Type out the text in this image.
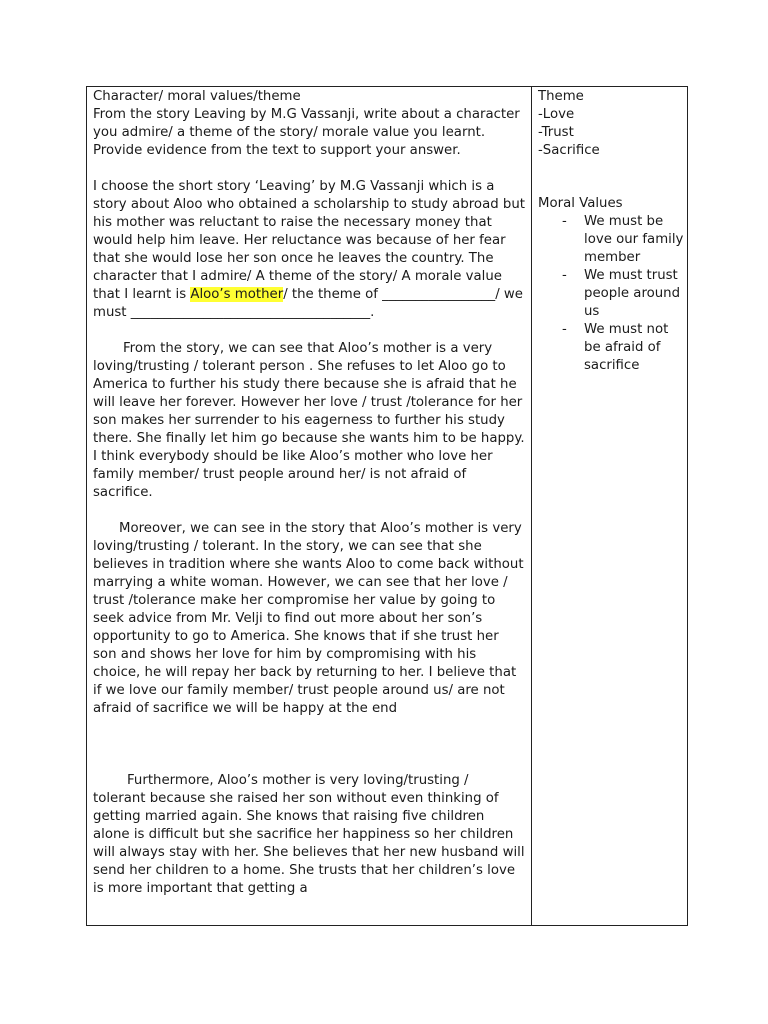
Character/ moral values/theme

From the story Leaving by M.G Vassanji, write about a character you admire/ a theme of the story/ morale value you learnt. Provide evidence from the text to support your answer.

I choose the short story ‘Leaving’ by M.G Vassanji which is a story about Aloo who obtained a scholarship to study abroad but his mother was reluctant to raise the necessary money that would help him leave. Her reluctance was because of her fear that she would lose her son once he leaves the country. The character that I admire/ A theme of the story/ A morale value that I learnt is Aloo’s mother/ the theme of _________________/ we must ____________________________________.

From the story, we can see that Aloo’s mother is a very loving/trusting / tolerant person . She refuses to let Aloo go to America to further his study there because she is afraid that he will leave her forever. However her love / trust /tolerance for her son makes her surrender to his eagerness to further his study there. She finally let him go because she wants him to be happy. I think everybody should be like Aloo’s mother who love her family member/ trust people around her/ is not afraid of sacrifice.

Moreover, we can see in the story that Aloo’s mother is very loving/trusting / tolerant. In the story, we can see that she believes in tradition where she wants Aloo to come back without marrying a white woman. However, we can see that her love / trust /tolerance make her compromise her value by going to seek advice from Mr. Velji to find out more about her son’s opportunity to go to America. She knows that if she trust her son and shows her love for him by compromising with his choice, he will repay her back by returning to her. I believe that if we love our family member/ trust people around us/ are not afraid of sacrifice we will be happy at the end

Furthermore, Aloo’s mother is very loving/trusting / tolerant because she raised her son without even thinking of getting married again. She knows that raising five children alone is difficult but she sacrifice her happiness so her children will always stay with her. She believes that her new husband will send her children to a home. She trusts that her children’s love is more important that getting a

Theme

-Love

-Trust

-Sacrifice

Moral Values

- We must be love our family member
- We must trust people around us
- We must not be afraid of sacrifice
